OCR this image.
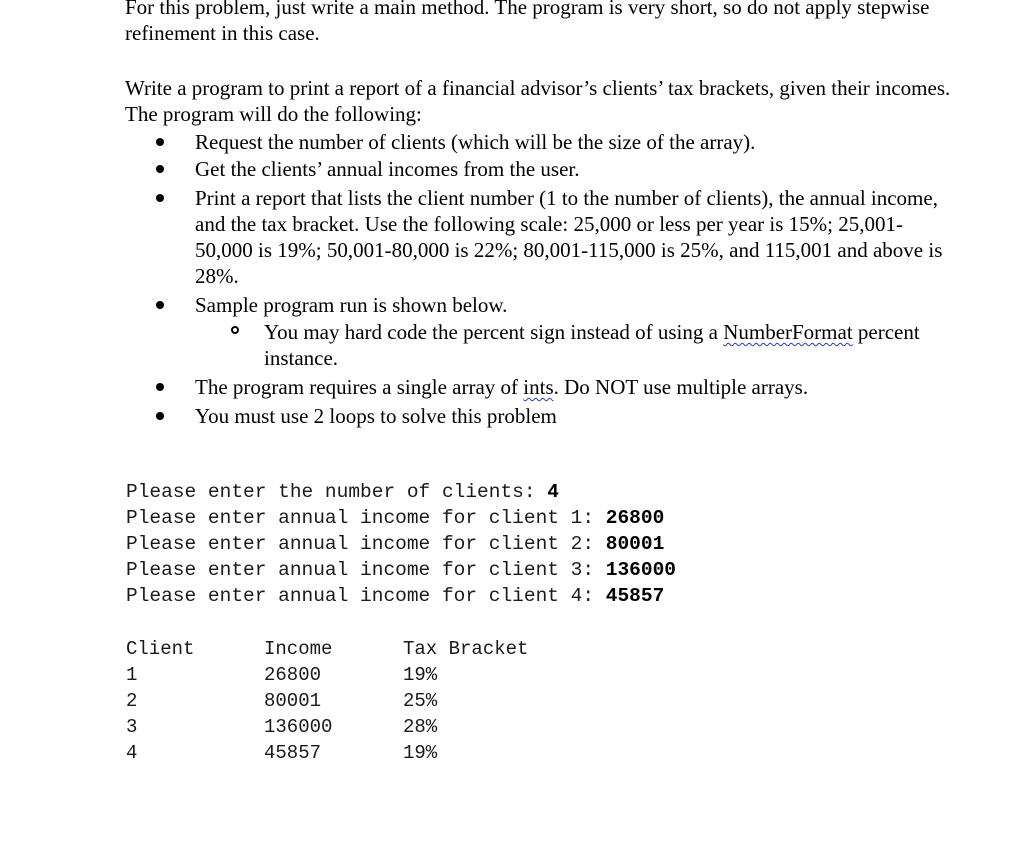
For this problem, just write a main method. The program is very short, so do not apply stepwise refinement in this case.
Write a program to print a report of a financial advisor’s clients’ tax brackets, given their incomes. The program will do the following:
Request the number of clients (which will be the size of the array).
Get the clients’ annual incomes from the user.
Print a report that lists the client number (1 to the number of clients), the annual income, and the tax bracket. Use the following scale: 25,000 or less per year is 15%; 25,001-50,000 is 19%; 50,001-80,000 is 22%; 80,001-115,000 is 25%, and 115,001 and above is 28%.
Sample program run is shown below.
You may hard code the percent sign instead of using a NumberFormat percent instance.
The program requires a single array of ints. Do NOT use multiple arrays.
You must use 2 loops to solve this problem
Please enter the number of clients: 4
Please enter annual income for client 1: 26800
Please enter annual income for client 2: 80001
Please enter annual income for client 3: 136000
Please enter annual income for client 4: 45857
Client	Income	Tax Bracket
1	26800	19%
2	80001	25%
3	136000	28%
4	45857	19%
